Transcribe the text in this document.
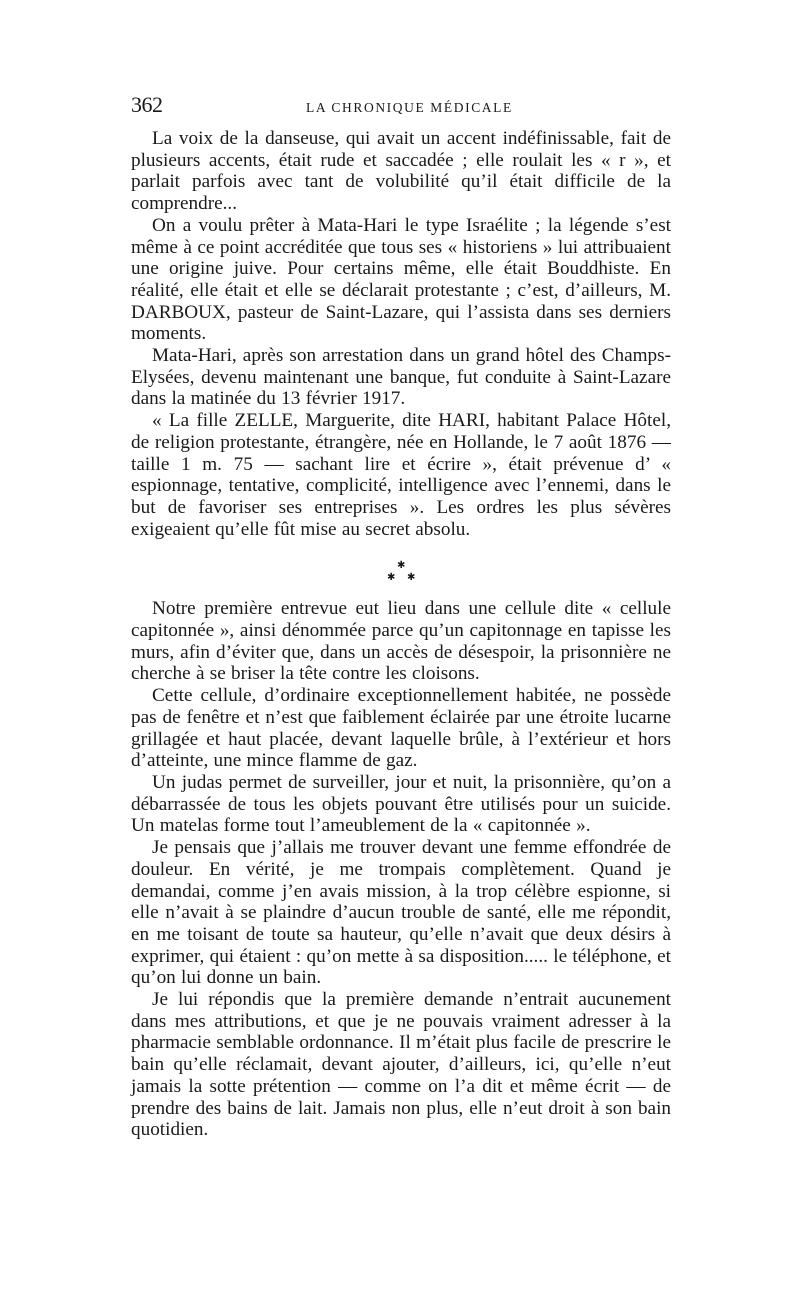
362	LA CHRONIQUE MÉDICALE

La voix de la danseuse, qui avait un accent indéfinissable, fait de plusieurs accents, était rude et saccadée ; elle roulait les « r », et parlait parfois avec tant de volubilité qu’il était difficile de la comprendre...

On a voulu prêter à Mata-Hari le type Israélite ; la légende s’est même à ce point accréditée que tous ses « historiens » lui attribuaient une origine juive. Pour certains même, elle était Bouddhiste. En réalité, elle était et elle se déclarait protestante ; c’est, d’ailleurs, M. DARBOUX, pasteur de Saint-Lazare, qui l’assista dans ses derniers moments.

Mata-Hari, après son arrestation dans un grand hôtel des Champs-Elysées, devenu maintenant une banque, fut conduite à Saint-Lazare dans la matinée du 13 février 1917.

« La fille ZELLE, Marguerite, dite HARI, habitant Palace Hôtel, de religion protestante, étrangère, née en Hollande, le 7 août 1876 — taille 1 m. 75 — sachant lire et écrire », était prévenue d’ « espionnage, tentative, complicité, intelligence avec l’ennemi, dans le but de favoriser ses entreprises ». Les ordres les plus sévères exigeaient qu’elle fût mise au secret absolu.

✱
✱ ✱

Notre première entrevue eut lieu dans une cellule dite « cellule capitonnée », ainsi dénommée parce qu’un capitonnage en tapisse les murs, afin d’éviter que, dans un accès de désespoir, la prisonnière ne cherche à se briser la tête contre les cloisons.

Cette cellule, d’ordinaire exceptionnellement habitée, ne possède pas de fenêtre et n’est que faiblement éclairée par une étroite lucarne grillagée et haut placée, devant laquelle brûle, à l’extérieur et hors d’atteinte, une mince flamme de gaz.

Un judas permet de surveiller, jour et nuit, la prisonnière, qu’on a débarrassée de tous les objets pouvant être utilisés pour un suicide. Un matelas forme tout l’ameublement de la « capitonnée ».

Je pensais que j’allais me trouver devant une femme effondrée de douleur. En vérité, je me trompais complètement. Quand je demandai, comme j’en avais mission, à la trop célèbre espionne, si elle n’avait à se plaindre d’aucun trouble de santé, elle me répondit, en me toisant de toute sa hauteur, qu’elle n’avait que deux désirs à exprimer, qui étaient : qu’on mette à sa disposition..... le téléphone, et qu’on lui donne un bain.

Je lui répondis que la première demande n’entrait aucunement dans mes attributions, et que je ne pouvais vraiment adresser à la pharmacie semblable ordonnance. Il m’était plus facile de prescrire le bain qu’elle réclamait, devant ajouter, d’ailleurs, ici, qu’elle n’eut jamais la sotte prétention — comme on l’a dit et même écrit — de prendre des bains de lait. Jamais non plus, elle n’eut droit à son bain quotidien.
